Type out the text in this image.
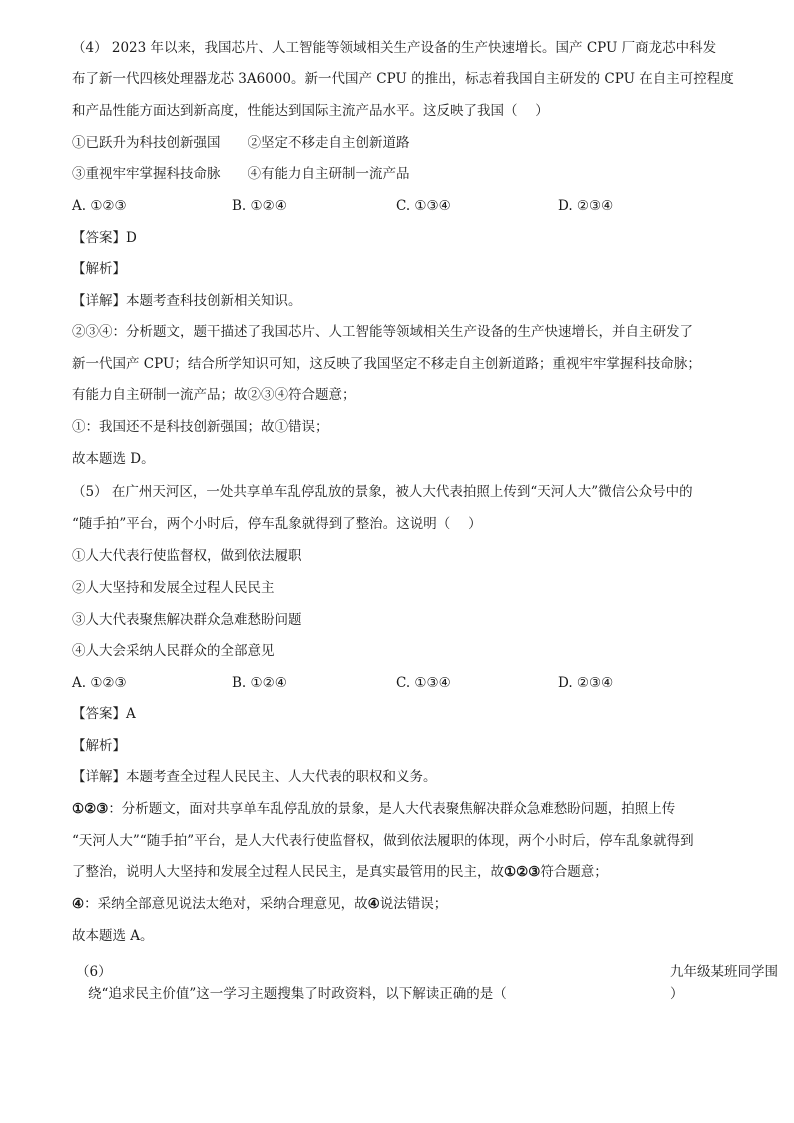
（4） 2023 年以来，我国芯片、人工智能等领域相关生产设备的生产快速增长。国产 CPU 厂商龙芯中科发
布了新一代四核处理器龙芯 3A6000。新一代国产 CPU 的推出，标志着我国自主研发的 CPU 在自主可控程度
和产品性能方面达到新高度，性能达到国际主流产品水平。这反映了我国（　 ）
①已跃升为科技创新强国　　②坚定不移走自主创新道路
③重视牢牢掌握科技命脉　　④有能力自主研制一流产品
A. ①②③	B. ①②④	C. ①③④	D. ②③④
【答案】D
【解析】
【详解】本题考查科技创新相关知识。
②③④：分析题文，题干描述了我国芯片、人工智能等领域相关生产设备的生产快速增长，并自主研发了
新一代国产 CPU；结合所学知识可知，这反映了我国坚定不移走自主创新道路；重视牢牢掌握科技命脉；
有能力自主研制一流产品；故②③④符合题意；
①：我国还不是科技创新强国；故①错误；
故本题选 D。
（5） 在广州天河区，一处共享单车乱停乱放的景象，被人大代表拍照上传到“天河人大”微信公众号中的
“随手拍”平台，两个小时后，停车乱象就得到了整治。这说明（　 ）
①人大代表行使监督权，做到依法履职
②人大坚持和发展全过程人民民主
③人大代表聚焦解决群众急难愁盼问题
④人大会采纳人民群众的全部意见
A. ①②③	B. ①②④	C. ①③④	D. ②③④
【答案】A
【解析】
【详解】本题考查全过程人民民主、人大代表的职权和义务。
①②③：分析题文，面对共享单车乱停乱放的景象，是人大代表聚焦解决群众急难愁盼问题，拍照上传
“天河人大”“随手拍”平台，是人大代表行使监督权，做到依法履职的体现，两个小时后，停车乱象就得到
了整治，说明人大坚持和发展全过程人民民主，是真实最管用的民主，故①②③符合题意；
④：采纳全部意见说法太绝对，采纳合理意见，故④说法错误；
故本题选 A。
（6）	九年级某班同学围
绕“追求民主价值”这一学习主题搜集了时政资料，以下解读正确的是（	）
